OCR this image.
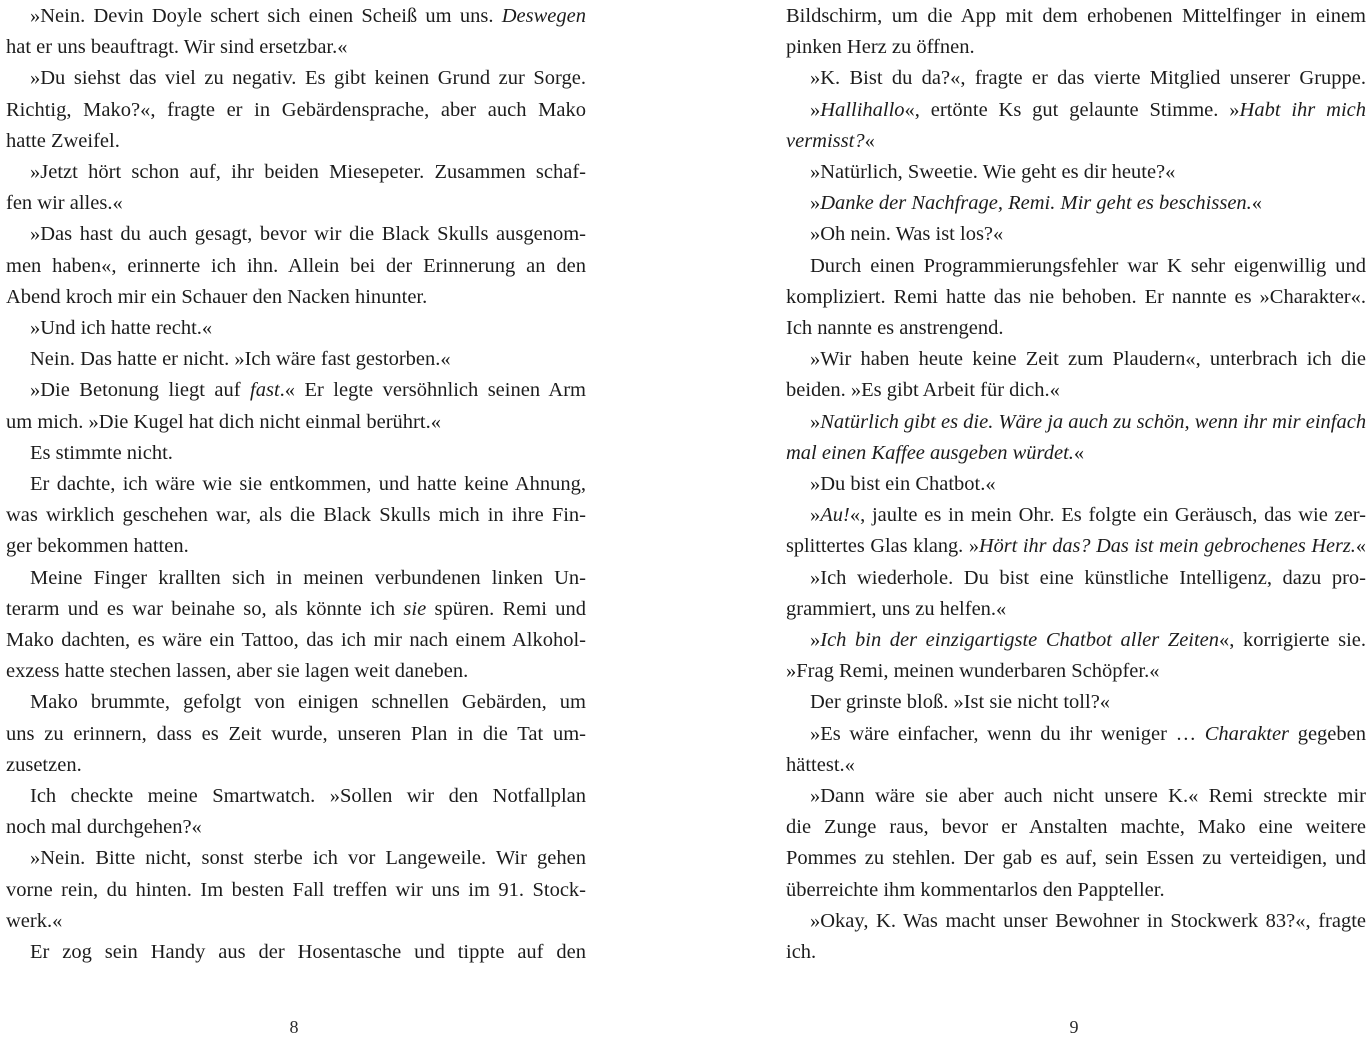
»Nein. Devin Doyle schert sich einen Scheiß um uns. Deswegen
hat er uns beauftragt. Wir sind ersetzbar.«
»Du siehst das viel zu negativ. Es gibt keinen Grund zur Sorge.
Richtig, Mako?«, fragte er in Gebärdensprache, aber auch Mako
hatte Zweifel.
»Jetzt hört schon auf, ihr beiden Miesepeter. Zusammen schaf-
fen wir alles.«
»Das hast du auch gesagt, bevor wir die Black Skulls ausgenom-
men haben«, erinnerte ich ihn. Allein bei der Erinnerung an den
Abend kroch mir ein Schauer den Nacken hinunter.
»Und ich hatte recht.«
Nein. Das hatte er nicht. »Ich wäre fast gestorben.«
»Die Betonung liegt auf fast.« Er legte versöhnlich seinen Arm
um mich. »Die Kugel hat dich nicht einmal berührt.«
Es stimmte nicht.
Er dachte, ich wäre wie sie entkommen, und hatte keine Ahnung,
was wirklich geschehen war, als die Black Skulls mich in ihre Fin-
ger bekommen hatten.
Meine Finger krallten sich in meinen verbundenen linken Un-
terarm und es war beinahe so, als könnte ich sie spüren. Remi und
Mako dachten, es wäre ein Tattoo, das ich mir nach einem Alkohol-
exzess hatte stechen lassen, aber sie lagen weit daneben.
Mako brummte, gefolgt von einigen schnellen Gebärden, um
uns zu erinnern, dass es Zeit wurde, unseren Plan in die Tat um-
zusetzen.
Ich checkte meine Smartwatch. »Sollen wir den Notfallplan
noch mal durchgehen?«
»Nein. Bitte nicht, sonst sterbe ich vor Langeweile. Wir gehen
vorne rein, du hinten. Im besten Fall treffen wir uns im 91. Stock-
werk.«
Er zog sein Handy aus der Hosentasche und tippte auf den
Bildschirm, um die App mit dem erhobenen Mittelfinger in einem
pinken Herz zu öffnen.
»K. Bist du da?«, fragte er das vierte Mitglied unserer Gruppe.
»Hallihallo«, ertönte Ks gut gelaunte Stimme. »Habt ihr mich
vermisst?«
»Natürlich, Sweetie. Wie geht es dir heute?«
»Danke der Nachfrage, Remi. Mir geht es beschissen.«
»Oh nein. Was ist los?«
Durch einen Programmierungsfehler war K sehr eigenwillig und
kompliziert. Remi hatte das nie behoben. Er nannte es »Charakter«.
Ich nannte es anstrengend.
»Wir haben heute keine Zeit zum Plaudern«, unterbrach ich die
beiden. »Es gibt Arbeit für dich.«
»Natürlich gibt es die. Wäre ja auch zu schön, wenn ihr mir einfach
mal einen Kaffee ausgeben würdet.«
»Du bist ein Chatbot.«
»Au!«, jaulte es in mein Ohr. Es folgte ein Geräusch, das wie zer-
splittertes Glas klang. »Hört ihr das? Das ist mein gebrochenes Herz.«
»Ich wiederhole. Du bist eine künstliche Intelligenz, dazu pro-
grammiert, uns zu helfen.«
»Ich bin der einzigartigste Chatbot aller Zeiten«, korrigierte sie.
»Frag Remi, meinen wunderbaren Schöpfer.«
Der grinste bloß. »Ist sie nicht toll?«
»Es wäre einfacher, wenn du ihr weniger … Charakter gegeben
hättest.«
»Dann wäre sie aber auch nicht unsere K.« Remi streckte mir
die Zunge raus, bevor er Anstalten machte, Mako eine weitere
Pommes zu stehlen. Der gab es auf, sein Essen zu verteidigen, und
überreichte ihm kommentarlos den Pappteller.
»Okay, K. Was macht unser Bewohner in Stockwerk 83?«, fragte
ich.
8	9
